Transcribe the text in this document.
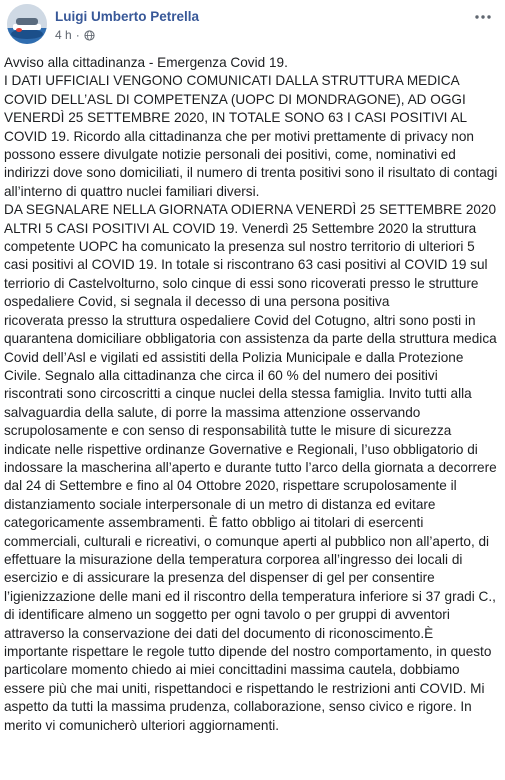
Luigi Umberto Petrella
4 h ·

Avviso alla cittadinanza - Emergenza Covid 19.

I DATI UFFICIALI VENGONO COMUNICATI DALLA STRUTTURA MEDICA COVID DELL’ASL DI COMPETENZA (UOPC DI MONDRAGONE), AD OGGI VENERDÌ 25 SETTEMBRE 2020, IN TOTALE SONO 63 I CASI POSITIVI AL COVID 19. Ricordo alla cittadinanza che per motivi prettamente di privacy non possono essere divulgate notizie personali dei positivi, come, nominativi ed indirizzi dove sono domiciliati, il numero di trenta positivi sono il risultato di contagi all’interno di quattro nuclei familiari diversi.

DA SEGNALARE NELLA GIORNATA ODIERNA VENERDÌ 25 SETTEMBRE 2020 ALTRI 5 CASI POSITIVI AL COVID 19. Venerdì 25 Settembre 2020 la struttura competente UOPC ha comunicato la presenza sul nostro territorio di ulteriori 5 casi positivi al COVID 19. In totale si riscontrano 63 casi positivi al COVID 19 sul terriorio di Castelvolturno, solo cinque di essi sono ricoverati presso le strutture ospedaliere Covid, si segnala il decesso di una persona positiva                ricoverata presso la struttura ospedaliere Covid del Cotugno, altri sono posti in quarantena domiciliare obbligatoria con assistenza da parte della struttura medica Covid dell’Asl e vigilati ed assistiti della Polizia Municipale e dalla Protezione Civile. Segnalo alla cittadinanza che circa il 60 % del numero dei positivi riscontrati sono circoscritti a cinque nuclei della stessa famiglia. Invito tutti alla salvaguardia della salute, di porre la massima attenzione osservando scrupolosamente e con senso di responsabilità tutte le misure di sicurezza indicate nelle rispettive ordinanze Governative e Regionali, l’uso obbligatorio di indossare la mascherina all’aperto e durante tutto l’arco della giornata a decorrere dal 24 di Settembre e fino al 04 Ottobre 2020, rispettare scrupolosamente il distanziamento sociale interpersonale di un metro di distanza ed evitare categoricamente assembramenti. È fatto obbligo ai titolari di esercenti commerciali, culturali e ricreativi, o comunque aperti al pubblico non all’aperto, di effettuare la misurazione della temperatura corporea all’ingresso dei locali di esercizio e di assicurare la presenza del dispenser di gel per consentire l’igienizzazione delle mani ed il riscontro della temperatura inferiore si 37 gradi C., di identificare almeno un soggetto per ogni tavolo o per gruppi di avventori attraverso la conservazione dei dati del documento di riconoscimento.È importante rispettare le regole tutto dipende del nostro comportamento, in questo particolare momento chiedo ai miei concittadini massima cautela, dobbiamo essere più che mai uniti, rispettandoci e rispettando le restrizioni anti COVID. Mi aspetto da tutti la massima prudenza, collaborazione, senso civico e rigore. In merito vi comunicherò ulteriori aggiornamenti.
